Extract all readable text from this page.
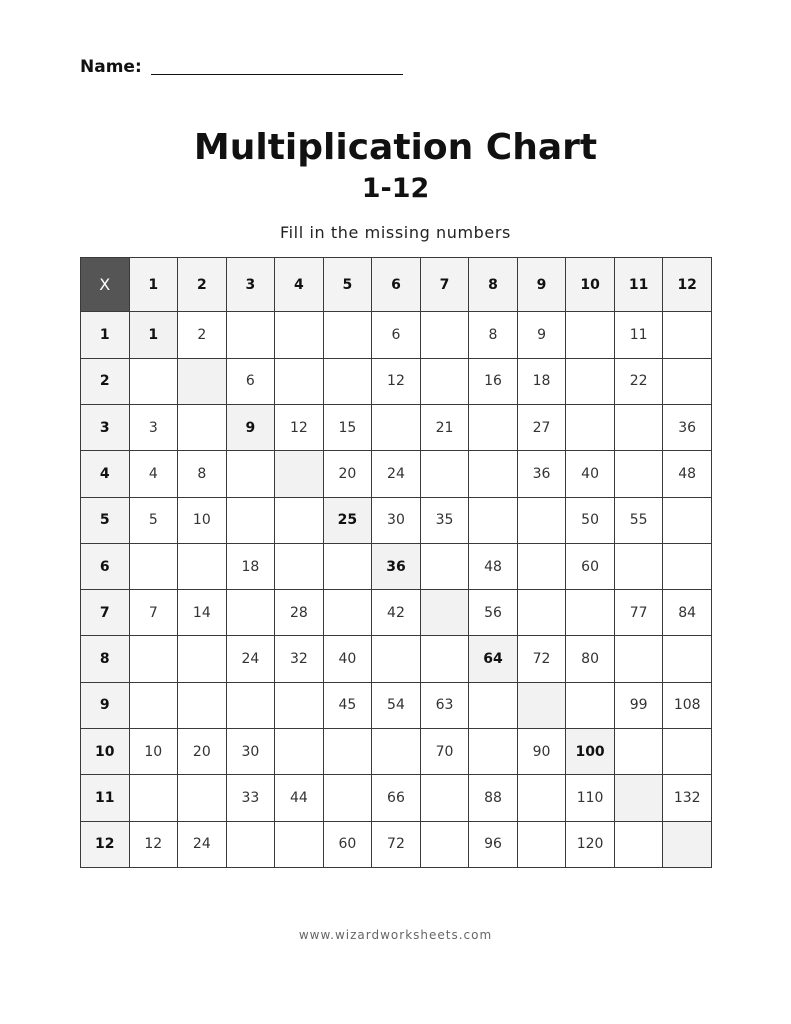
Name:
Multiplication Chart
1-12
Fill in the missing numbers
X	1	2	3	4	5	6	7	8	9	10	11	12
1	1	2				6		8	9		11	
2			6			12		16	18		22	
3	3		9	12	15		21		27			36
4	4	8			20	24			36	40		48
5	5	10			25	30	35			50	55	
6			18			36		48		60		
7	7	14		28		42		56			77	84
8			24	32	40			64	72	80		
9					45	54	63				99	108
10	10	20	30				70		90	100		
11			33	44		66		88		110		132
12	12	24			60	72		96		120		
www.wizardworksheets.com
